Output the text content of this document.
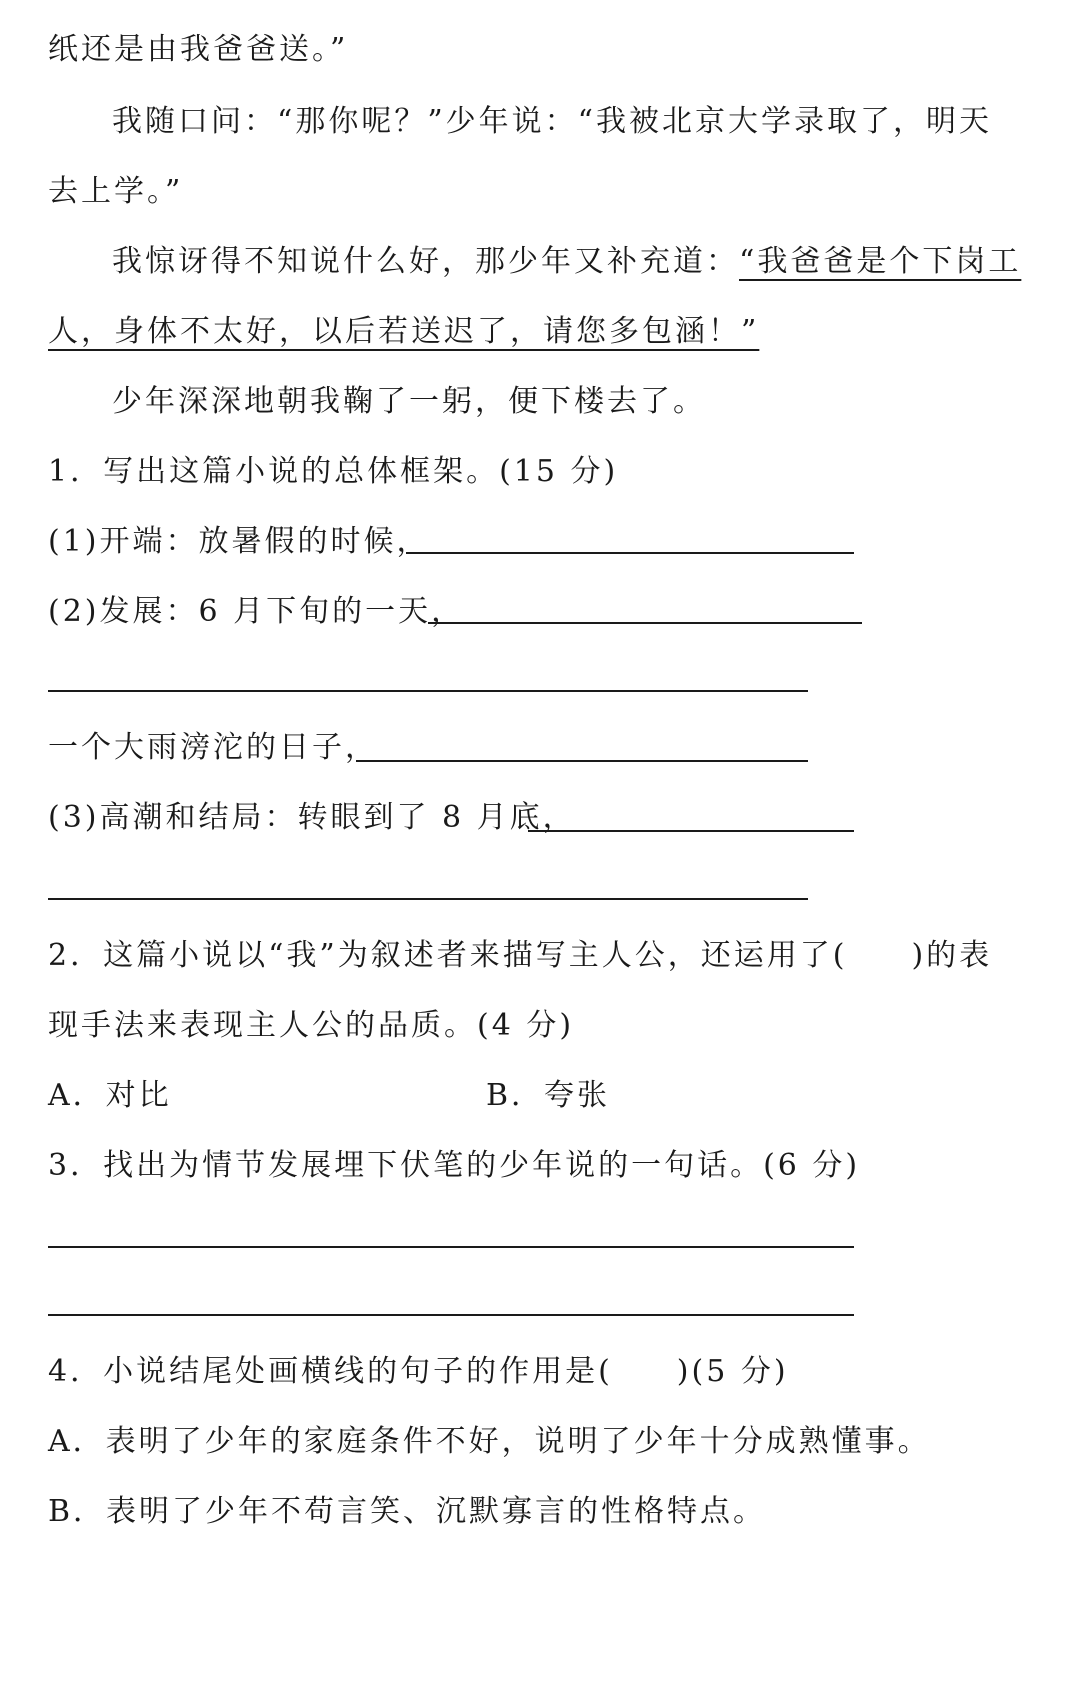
纸还是由我爸爸送。”
我随口问：“那你呢？”少年说：“我被北京大学录取了，明天
去上学。”
我惊讶得不知说什么好，那少年又补充道：“我爸爸是个下岗工
人，身体不太好，以后若送迟了，请您多包涵！”
少年深深地朝我鞠了一躬，便下楼去了。
1．写出这篇小说的总体框架。(15 分)
(1)开端：放暑假的时候，
(2)发展：6 月下旬的一天，
一个大雨滂沱的日子，
(3)高潮和结局：转眼到了 8 月底，
2．这篇小说以“我”为叙述者来描写主人公，还运用了( )的表
现手法来表现主人公的品质。(4 分)
A．对比	B．夸张
3．找出为情节发展埋下伏笔的少年说的一句话。(6 分)
4．小说结尾处画横线的句子的作用是( )(5 分)
A．表明了少年的家庭条件不好，说明了少年十分成熟懂事。
B．表明了少年不苟言笑、沉默寡言的性格特点。
